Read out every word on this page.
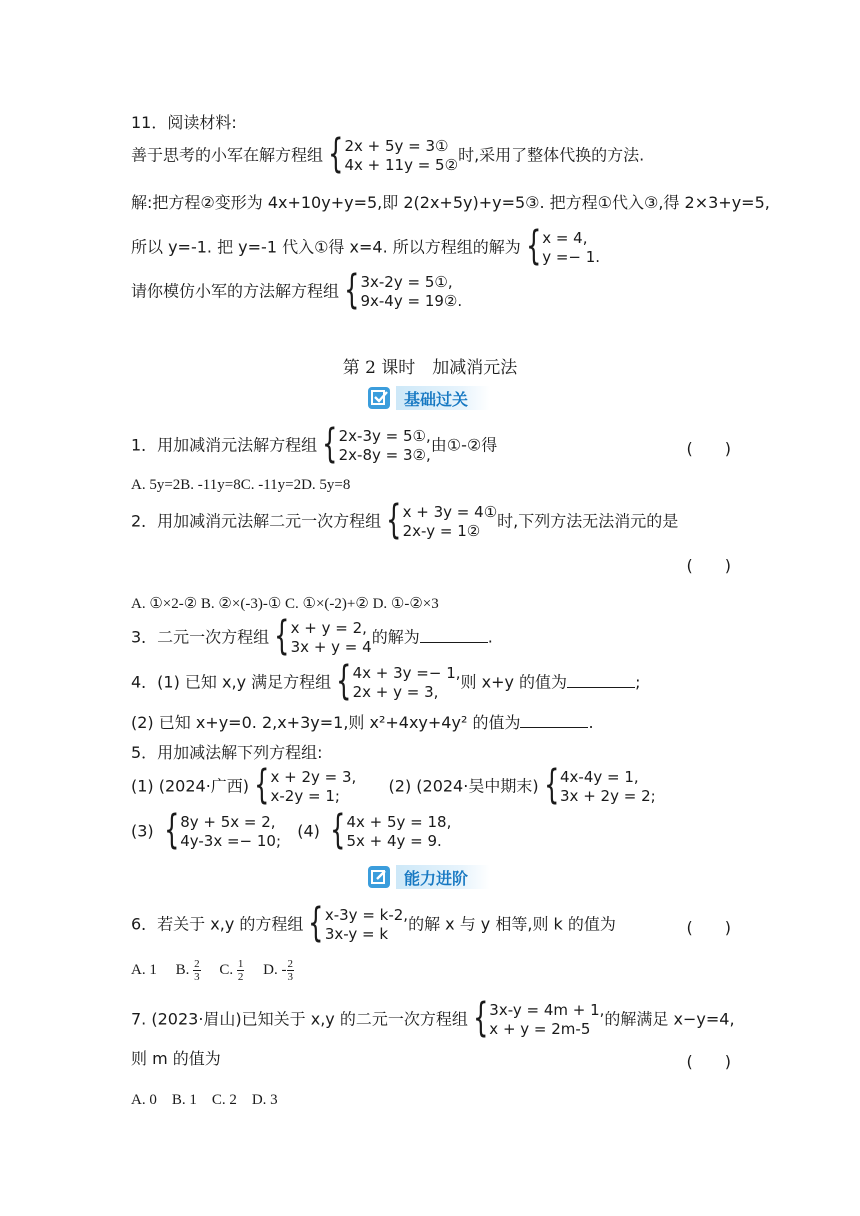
11．阅读材料:
善于思考的小军在解方程组 { 2x + 5y = 3①
4x + 11y = 5②
时,采用了整体代换的方法.
解:把方程②变形为 4x+10y+y=5,即 2(2x+5y)+y=5③. 把方程①代入③,得 2×3+y=5,
所以 y=-1. 把 y=-1 代入①得 x=4. 所以方程组的解为 { x = 4,
y =− 1.
请你模仿小军的方法解方程组 { 3x-2y = 5①,
9x-4y = 19②.
第 2 课时　加减消元法
基础过关
1．用加减消元法解方程组 { 2x-3y = 5①,
2x-8y = 3②,
由①-②得	(　　)
A. 5y=2B. -11y=8C. -11y=2D. 5y=8
2．用加减消元法解二元一次方程组 { x + 3y = 4①
2x-y = 1②
时,下列方法无法消元的是
(　　)
A. ①×2-② B. ②×(-3)-① C. ①×(-2)+② D. ①-②×3
3．二元一次方程组 { x + y = 2,
3x + y = 4
的解为	.
4．(1) 已知 x,y 满足方程组 { 4x + 3y =− 1,
2x + y = 3,
则 x+y 的值为	;
(2) 已知 x+y=0. 2,x+3y=1,则 x²+4xy+4y² 的值为	.
5．用加减法解下列方程组:
(1) (2024·广西) { x + 2y = 3,
x-2y = 1;
(2) (2024·吴中期末) { 4x-4y = 1,
3x + 2y = 2;
(3) { 8y + 5x = 2,
4y-3x =− 10;
(4) { 4x + 5y = 18,
5x + 4y = 9.
能力进阶
6．若关于 x,y 的方程组 { x-3y = k-2,
3x-y = k
的解 x 与 y 相等,则 k 的值为	(　　)
A. 1　 B. $\frac{2}{3}$
　 C. $\frac{1}{2}$
　 D. - $\frac{2}{3}$
7. (2023·眉山)已知关于 x,y 的二元一次方程组 { 3x-y = 4m + 1,
x + y = 2m-5
的解满足 x−y=4,
则 m 的值为	(　　)
A. 0　B. 1　C. 2　D. 3
